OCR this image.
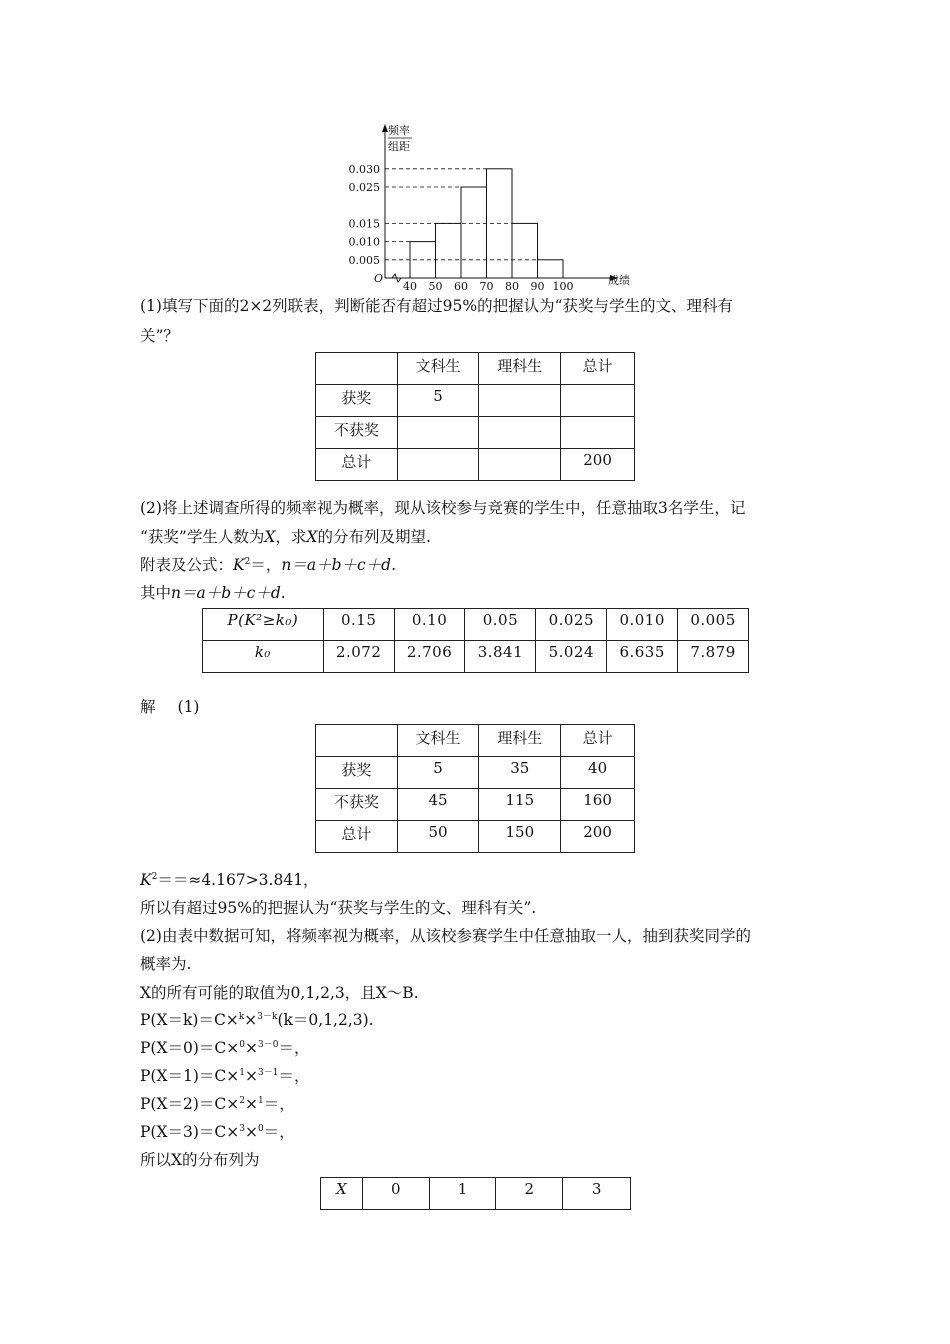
频率
组距
O	成绩
0.005
0.010
0.015
0.025
0.030
40 50 60 70 80 90 100
(1)填写下面的2×2列联表，判断能否有超过95%的把握认为“获奖与学生的文、理科有
关”？
	文科生	理科生	总计
获奖	5		
不获奖			
总计			200
(2)将上述调查所得的频率视为概率，现从该校参与竞赛的学生中，任意抽取3名学生，记
“获奖”学生人数为X，求X的分布列及期望.
附表及公式：$K^2=$，n＝a＋b＋c＋d.
其中n＝a＋b＋c＋d.
P(K²≥k₀)	0.15	0.10	0.05	0.025	0.010	0.005
k₀	2.072	2.706	3.841	5.024	6.635	7.879
解 (1)
	文科生	理科生	总计
获奖	5	35	40
不获奖	45	115	160
总计	50	150	200
$K^2==\approx 4.167>3.841$，
所以有超过95%的把握认为“获奖与学生的文、理科有关”.
(2)由表中数据可知，将频率视为概率，从该校参赛学生中任意抽取一人，抽到获奖同学的
概率为.
X的所有可能的取值为0,1,2,3，且X～B.
P(X＝k)＝C×$^k$×$^{3-k}$(k＝0,1,2,3).
P(X＝0)＝C×$^0$×$^{3-0}$＝，
P(X＝1)＝C×$^1$×$^{3-1}$＝，
P(X＝2)＝C×$^2$×$^1$＝，
P(X＝3)＝C×$^3$×$^0$＝，
所以X的分布列为
X	0	1	2	3
